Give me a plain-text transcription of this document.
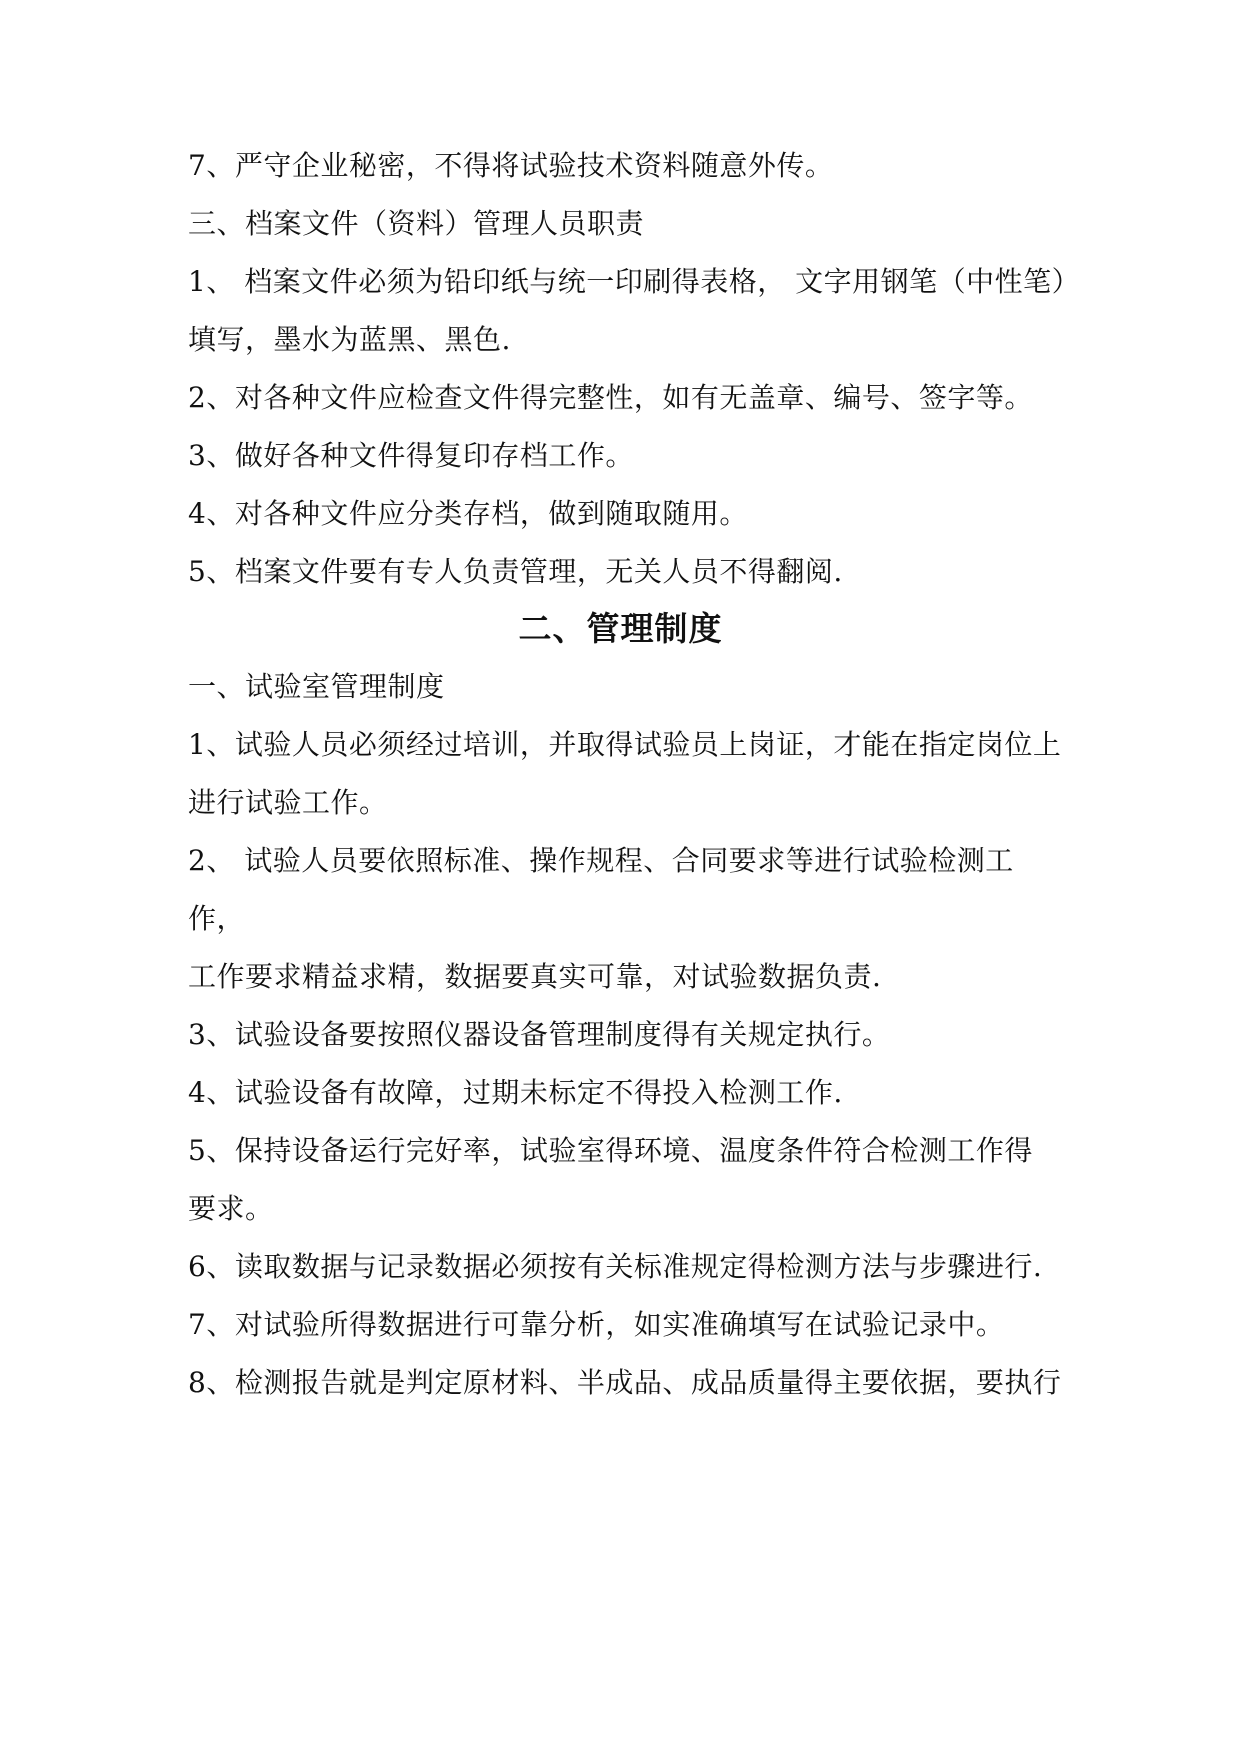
7、严守企业秘密，不得将试验技术资料随意外传。
三、档案文件（资料）管理人员职责
1、 档案文件必须为铅印纸与统一印刷得表格， 文字用钢笔（中性笔）
填写，墨水为蓝黑、黑色.
2、对各种文件应检查文件得完整性，如有无盖章、编号、签字等。
3、做好各种文件得复印存档工作。
4、对各种文件应分类存档，做到随取随用。
5、档案文件要有专人负责管理，无关人员不得翻阅.
二、管理制度
一、试验室管理制度
1、试验人员必须经过培训，并取得试验员上岗证，才能在指定岗位上
进行试验工作。
2、 试验人员要依照标准、操作规程、合同要求等进行试验检测工
作，
工作要求精益求精，数据要真实可靠，对试验数据负责.
3、试验设备要按照仪器设备管理制度得有关规定执行。
4、试验设备有故障，过期未标定不得投入检测工作.
5、保持设备运行完好率，试验室得环境、温度条件符合检测工作得
要求。
6、读取数据与记录数据必须按有关标准规定得检测方法与步骤进行.
7、对试验所得数据进行可靠分析，如实准确填写在试验记录中。
8、检测报告就是判定原材料、半成品、成品质量得主要依据，要执行
